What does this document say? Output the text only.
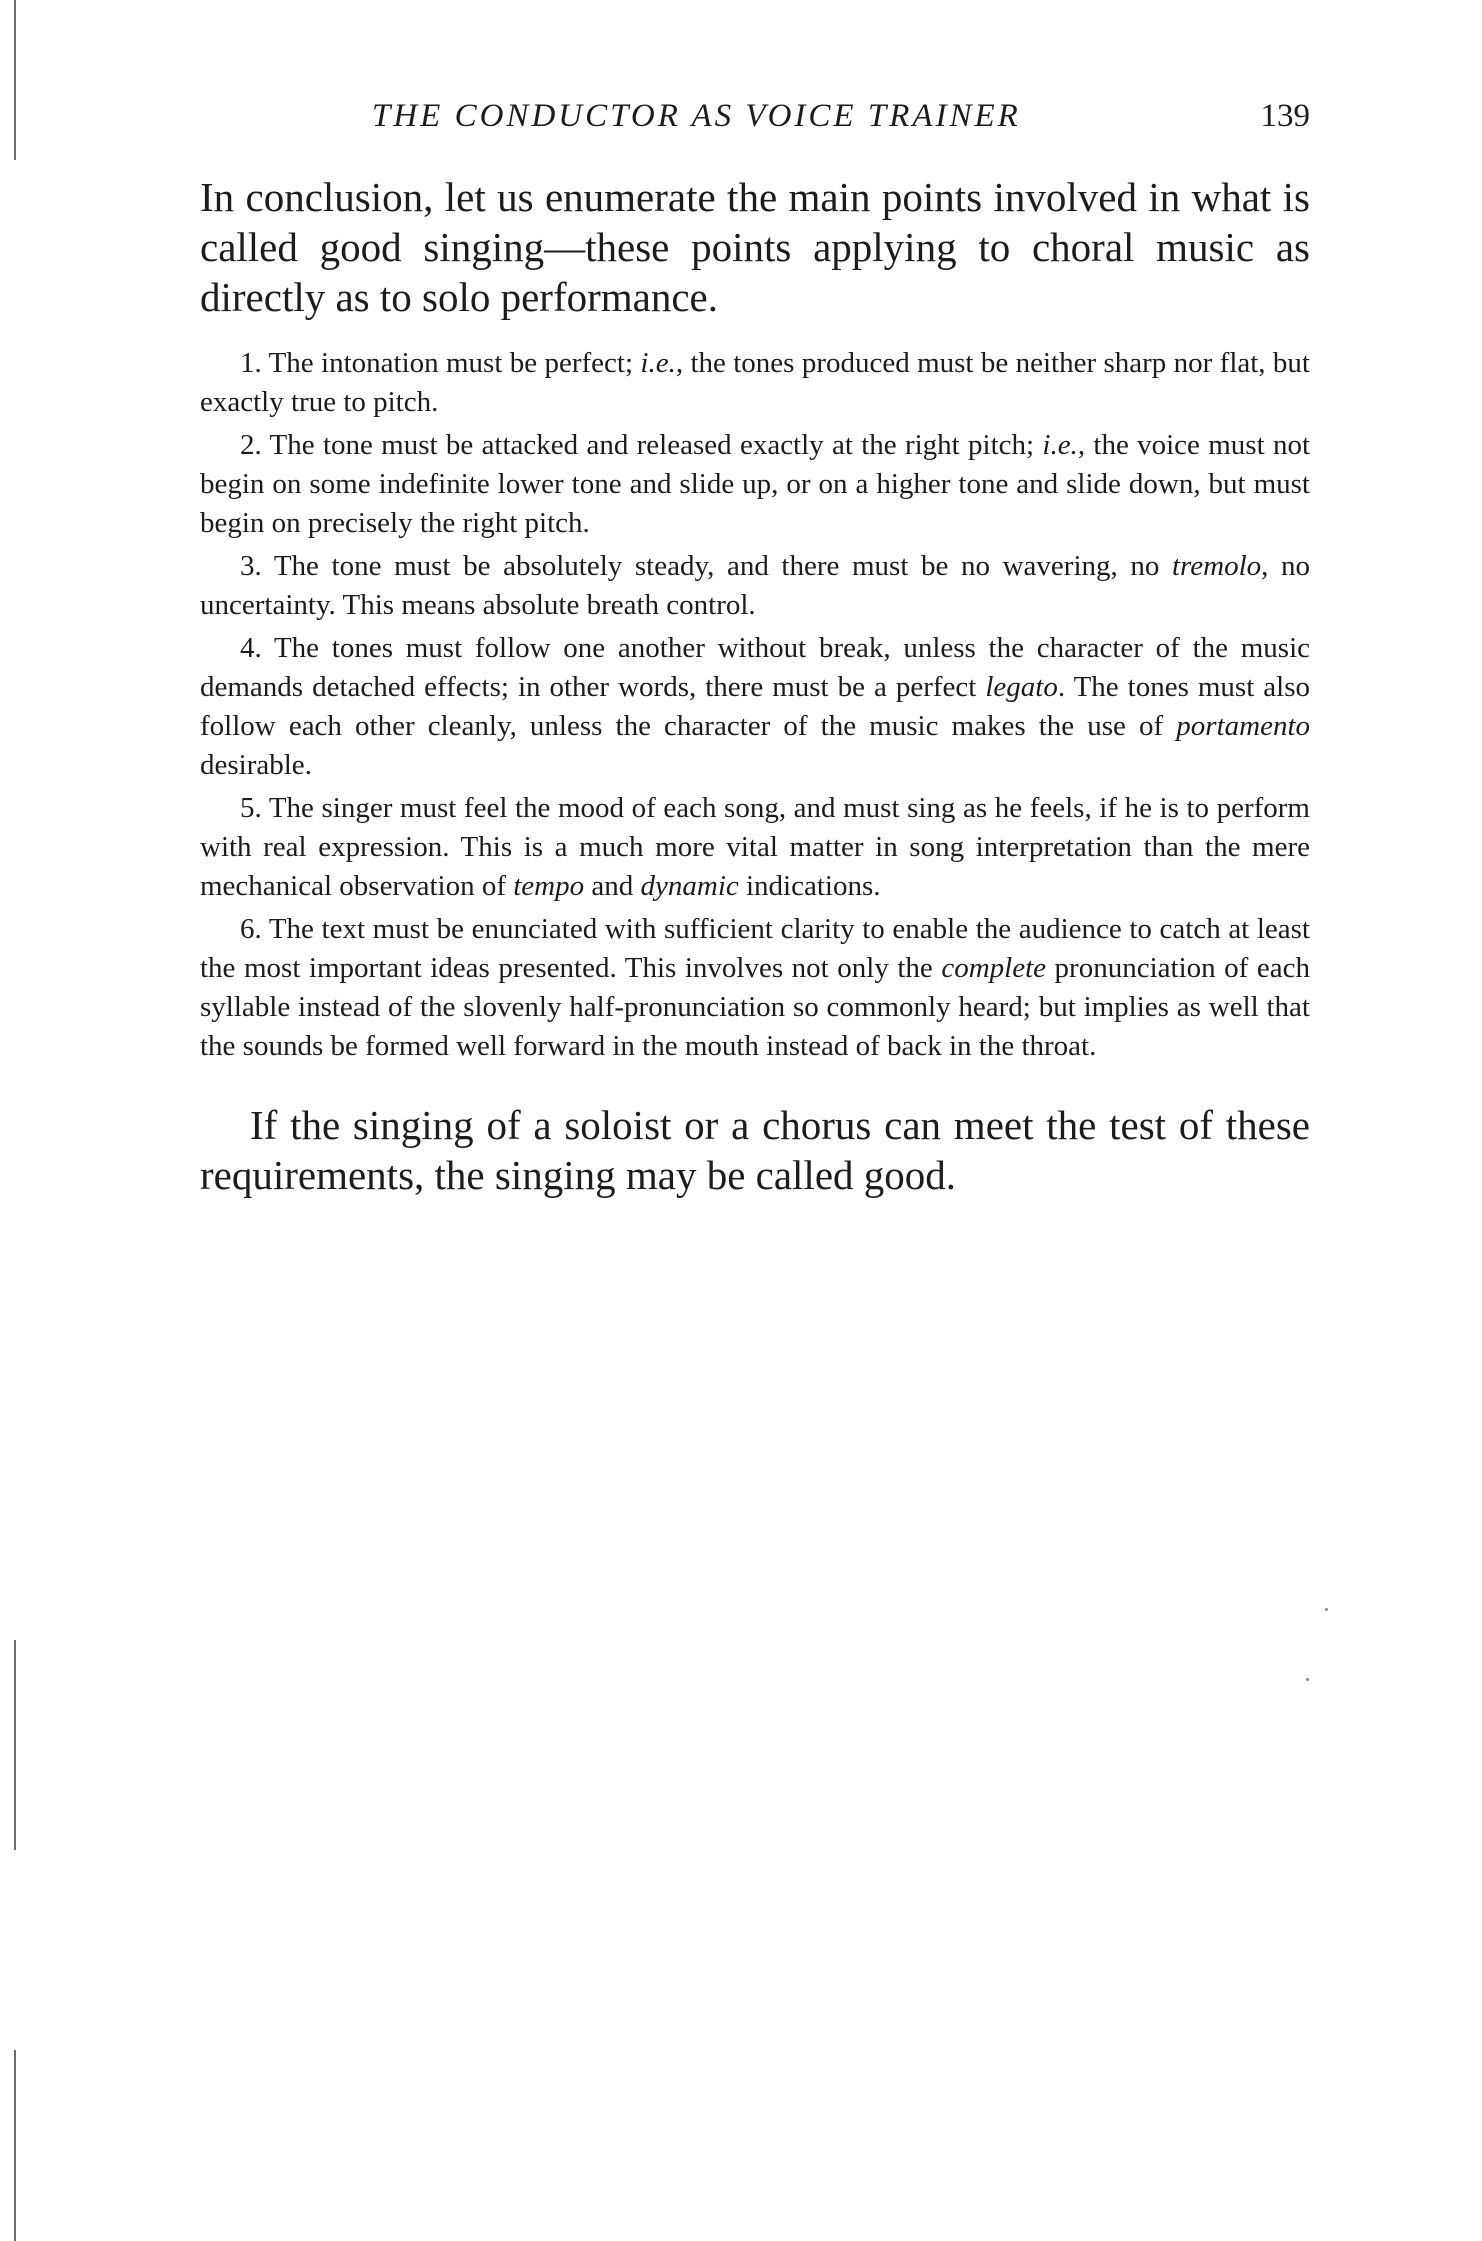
THE CONDUCTOR AS VOICE TRAINER	139

In conclusion, let us enumerate the main points involved in what is called good singing—these points applying to choral music as directly as to solo performance.

1. The intonation must be perfect; i.e., the tones produced must be neither sharp nor flat, but exactly true to pitch.

2. The tone must be attacked and released exactly at the right pitch; i.e., the voice must not begin on some indefinite lower tone and slide up, or on a higher tone and slide down, but must begin on precisely the right pitch.

3. The tone must be absolutely steady, and there must be no wavering, no tremolo, no uncertainty. This means absolute breath control.

4. The tones must follow one another without break, unless the character of the music demands detached effects; in other words, there must be a perfect legato. The tones must also follow each other cleanly, unless the character of the music makes the use of portamento desirable.

5. The singer must feel the mood of each song, and must sing as he feels, if he is to perform with real expression. This is a much more vital matter in song interpretation than the mere mechanical observation of tempo and dynamic indications.

6. The text must be enunciated with sufficient clarity to enable the audience to catch at least the most important ideas presented. This involves not only the complete pronunciation of each syllable instead of the slovenly half-pronunciation so commonly heard; but implies as well that the sounds be formed well forward in the mouth instead of back in the throat.

If the singing of a soloist or a chorus can meet the test of these requirements, the singing may be called good.
